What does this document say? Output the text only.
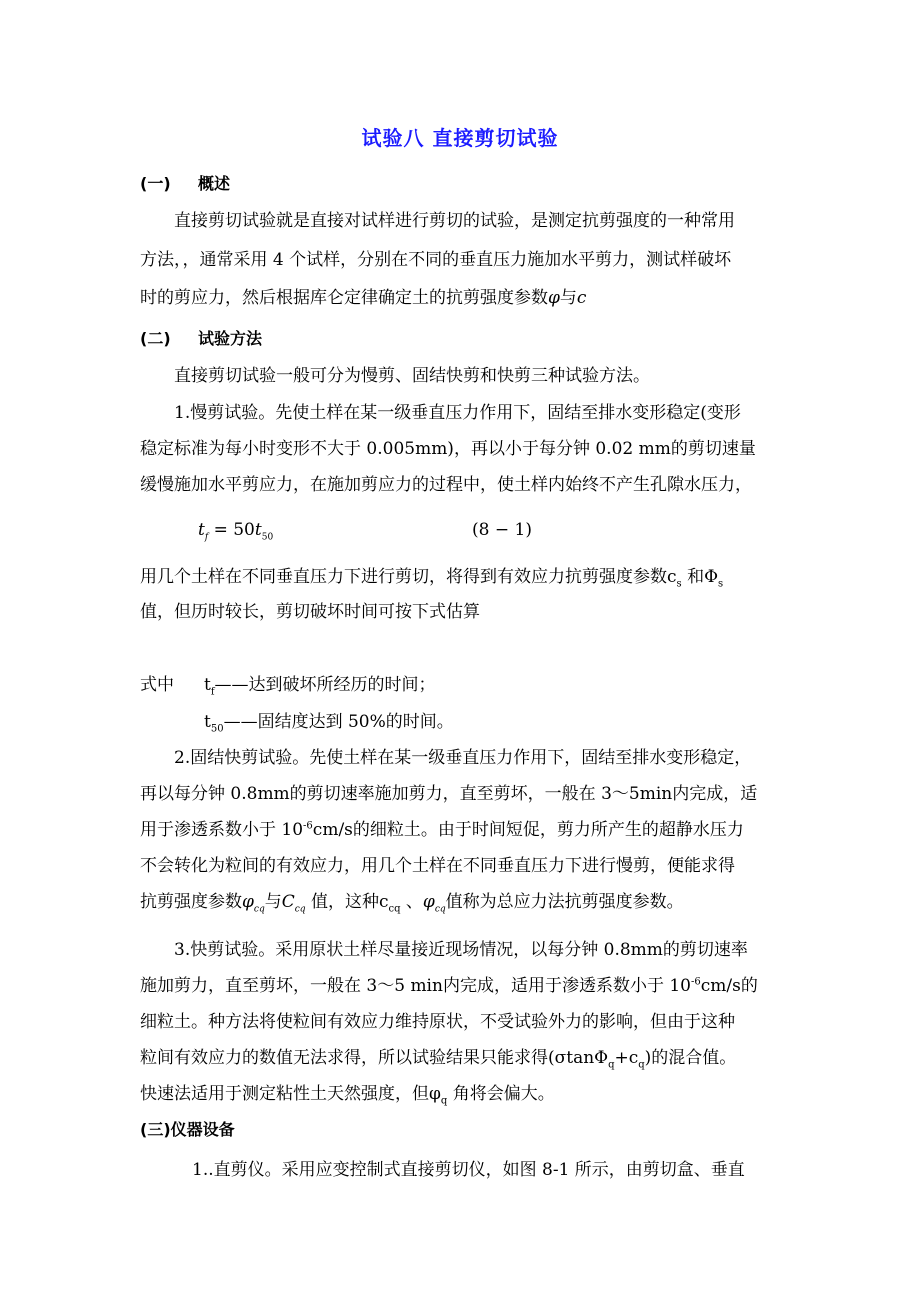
试验八 直接剪切试验
(一) 概述
直接剪切试验就是直接对试样进行剪切的试验，是测定抗剪强度的一种常用
方法，，通常采用 4 个试样，分别在不同的垂直压力施加水平剪力，测试样破坏
时的剪应力，然后根据库仑定律确定土的抗剪强度参数φ与c
(二) 试验方法
直接剪切试验一般可分为慢剪、固结快剪和快剪三种试验方法。
1.慢剪试验。先使土样在某一级垂直压力作用下，固结至排水变形稳定(变形
稳定标准为每小时变形不大于 0.005mm)，再以小于每分钟 0.02 mm的剪切速量
缓慢施加水平剪应力，在施加剪应力的过程中，使土样内始终不产生孔隙水压力，
$t_f = 50t_{50}$	(8 − 1)
用几个土样在不同垂直压力下进行剪切，将得到有效应力抗剪强度参数$c_s$ 和$\Phi_s$
值，但历时较长，剪切破坏时间可按下式估算
式中 $t_f——$达到破坏所经历的时间；
$t_{50}——$固结度达到 50%的时间。
2.固结快剪试验。先使土样在某一级垂直压力作用下，固结至排水变形稳定，
再以每分钟 0.8mm的剪切速率施加剪力，直至剪坏，一般在 3～5min内完成，适
用于渗透系数小于 $10^{-6}cm/s$的细粒土。由于时间短促，剪力所产生的超静水压力
不会转化为粒间的有效应力，用几个土样在不同垂直压力下进行慢剪，便能求得
抗剪强度参数$\varphi_{cq}$与$C_{cq}$ 值，这种$c_{cq}$ 、$\varphi_{cq}$值称为总应力法抗剪强度参数。
3.快剪试验。采用原状土样尽量接近现场情况，以每分钟 0.8mm的剪切速率
施加剪力，直至剪坏，一般在 3～5 min内完成，适用于渗透系数小于 $10^{-6}cm/s$的
细粒土。种方法将使粒间有效应力维持原状，不受试验外力的影响，但由于这种
粒间有效应力的数值无法求得，所以试验结果只能求得$(\sigma\tan\Phi_q+c_q)$的混合值。
快速法适用于测定粘性土天然强度，但$\varphi_q$ 角将会偏大。
(三)仪器设备
1..直剪仪。采用应变控制式直接剪切仪，如图 8-1 所示，由剪切盒、垂直
